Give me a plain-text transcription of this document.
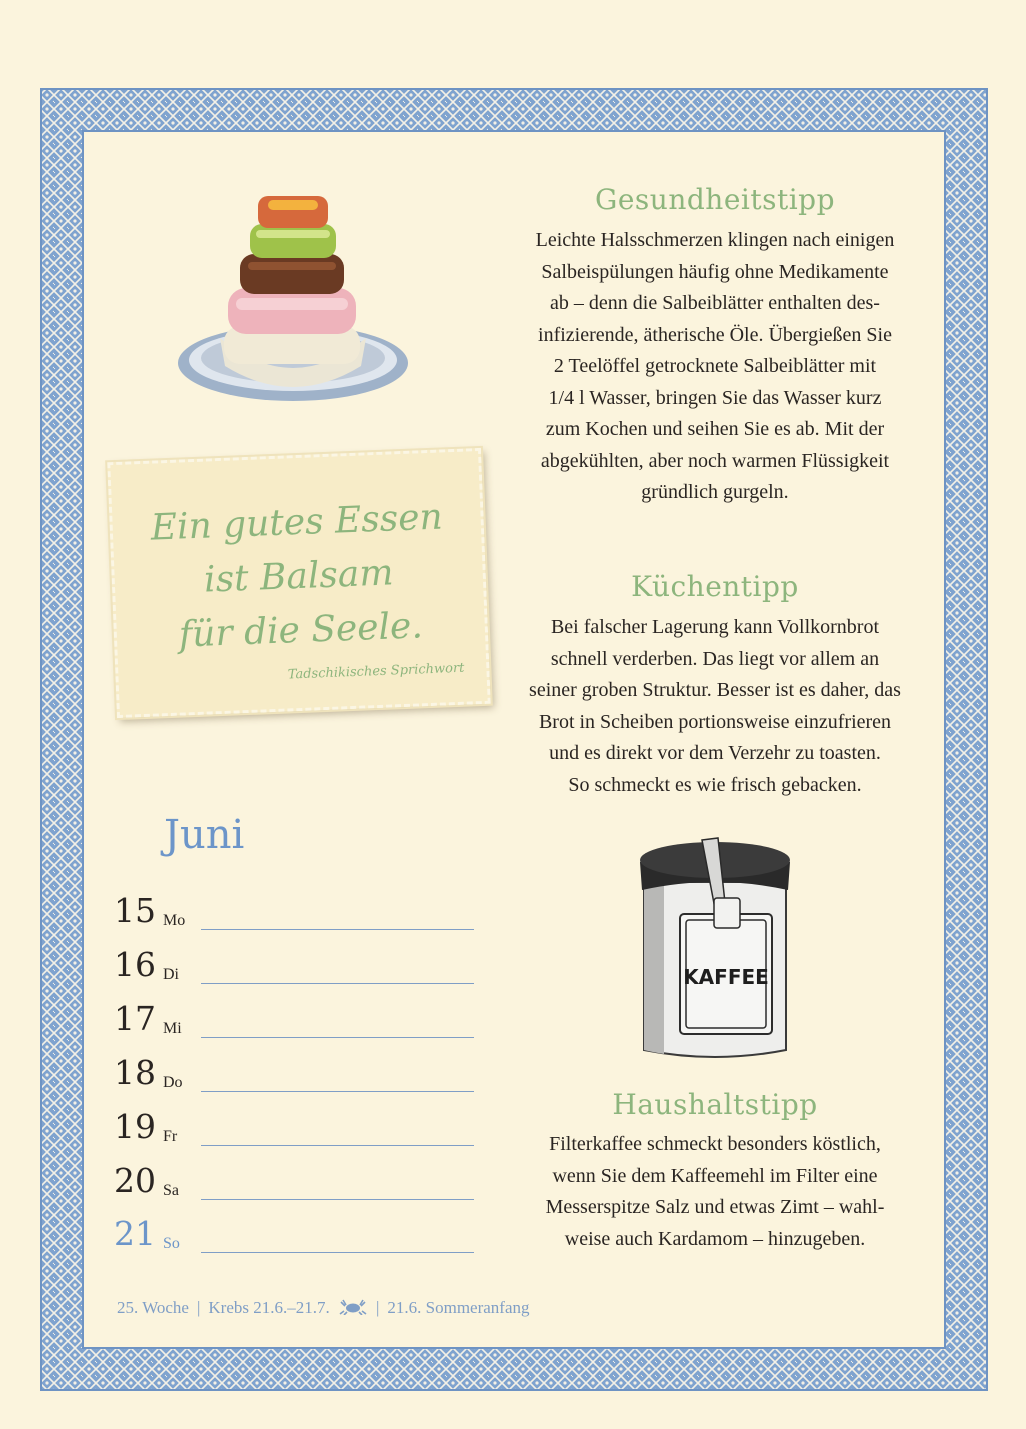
Gesundheitstipp
Leichte Halsschmerzen klingen nach einigen
Salbeispülungen häufig ohne Medikamente
ab – denn die Salbeiblätter enthalten des-
infizierende, ätherische Öle. Übergießen Sie
2 Teelöffel getrocknete Salbeiblätter mit
1/4 l Wasser, bringen Sie das Wasser kurz
zum Kochen und seihen Sie es ab. Mit der
abgekühlten, aber noch warmen Flüssigkeit
gründlich gurgeln.
Ein gutes Essen
ist Balsam
für die Seele.
Tadschikisches Sprichwort
Küchentipp
Bei falscher Lagerung kann Vollkornbrot
schnell verderben. Das liegt vor allem an
seiner groben Struktur. Besser ist es daher, das
Brot in Scheiben portionsweise einzufrieren
und es direkt vor dem Verzehr zu toasten.
So schmeckt es wie frisch gebacken.
KAFFEE
Haushaltstipp
Filterkaffee schmeckt besonders köstlich,
wenn Sie dem Kaffeemehl im Filter eine
Messerspitze Salz und etwas Zimt – wahl-
weise auch Kardamom – hinzugeben.
Juni
15 Mo
16 Di
17 Mi
18 Do
19 Fr
20 Sa
21 So
25. Woche | Krebs 21.6.–21.7.	| 21.6. Sommeranfang
